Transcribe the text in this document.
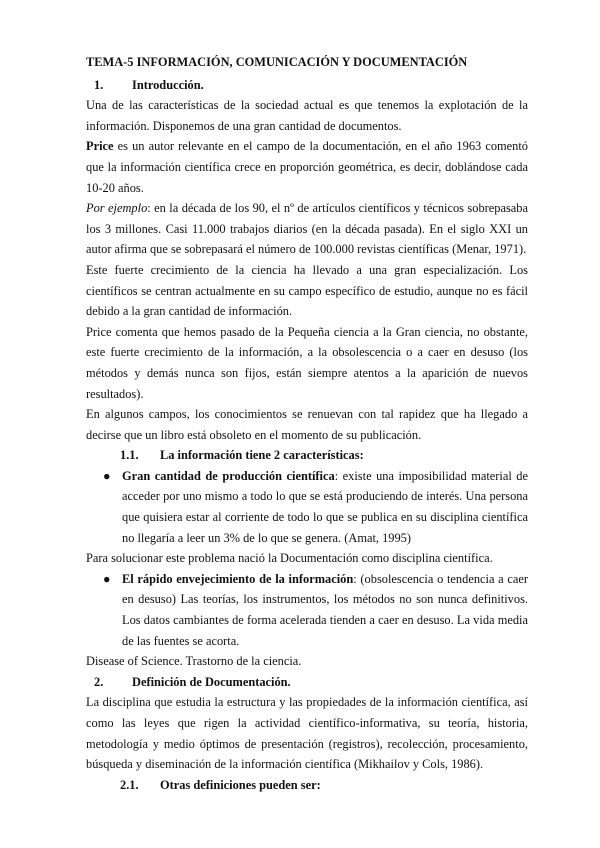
TEMA-5 INFORMACIÓN, COMUNICACIÓN Y DOCUMENTACIÓN
1. Introducción.

Una de las características de la sociedad actual es que tenemos la explotación de la información. Disponemos de una gran cantidad de documentos.

Price es un autor relevante en el campo de la documentación, en el año 1963 comentó que la información científica crece en proporción geométrica, es decir, doblándose cada 10-20 años.

Por ejemplo: en la década de los 90, el nº de artículos científicos y técnicos sobrepasaba los 3 millones. Casi 11.000 trabajos diarios (en la década pasada). En el siglo XXI un autor afirma que se sobrepasará el número de 100.000 revistas científicas (Menar, 1971).

Este fuerte crecimiento de la ciencia ha llevado a una gran especialización. Los científicos se centran actualmente en su campo específico de estudio, aunque no es fácil debido a la gran cantidad de información.

Price comenta que hemos pasado de la Pequeña ciencia a la Gran ciencia, no obstante, este fuerte crecimiento de la información, a la obsolescencia o a caer en desuso (los métodos y demás nunca son fijos, están siempre atentos a la aparición de nuevos resultados).

En algunos campos, los conocimientos se renuevan con tal rapidez que ha llegado a decirse que un libro está obsoleto en el momento de su publicación.

1.1. La información tiene 2 características:
● Gran cantidad de producción científica: existe una imposibilidad material de acceder por uno mismo a todo lo que se está produciendo de interés. Una persona que quisiera estar al corriente de todo lo que se publica en su disciplina científica no llegaría a leer un 3% de lo que se genera. (Amat, 1995)

Para solucionar este problema nació la Documentación como disciplina científica.

● El rápido envejecimiento de la información: (obsolescencia o tendencia a caer en desuso) Las teorías, los instrumentos, los métodos no son nunca definitivos. Los datos cambiantes de forma acelerada tienden a caer en desuso. La vida media de las fuentes se acorta.

Disease of Science. Trastorno de la ciencia.

2. Definición de Documentación.

La disciplina que estudia la estructura y las propiedades de la información científica, así como las leyes que rigen la actividad científico-informativa, su teoría, historia, metodología y medio óptimos de presentación (registros), recolección, procesamiento, búsqueda y diseminación de la información científica (Mikhailov y Cols, 1986).

2.1. Otras definiciones pueden ser:
